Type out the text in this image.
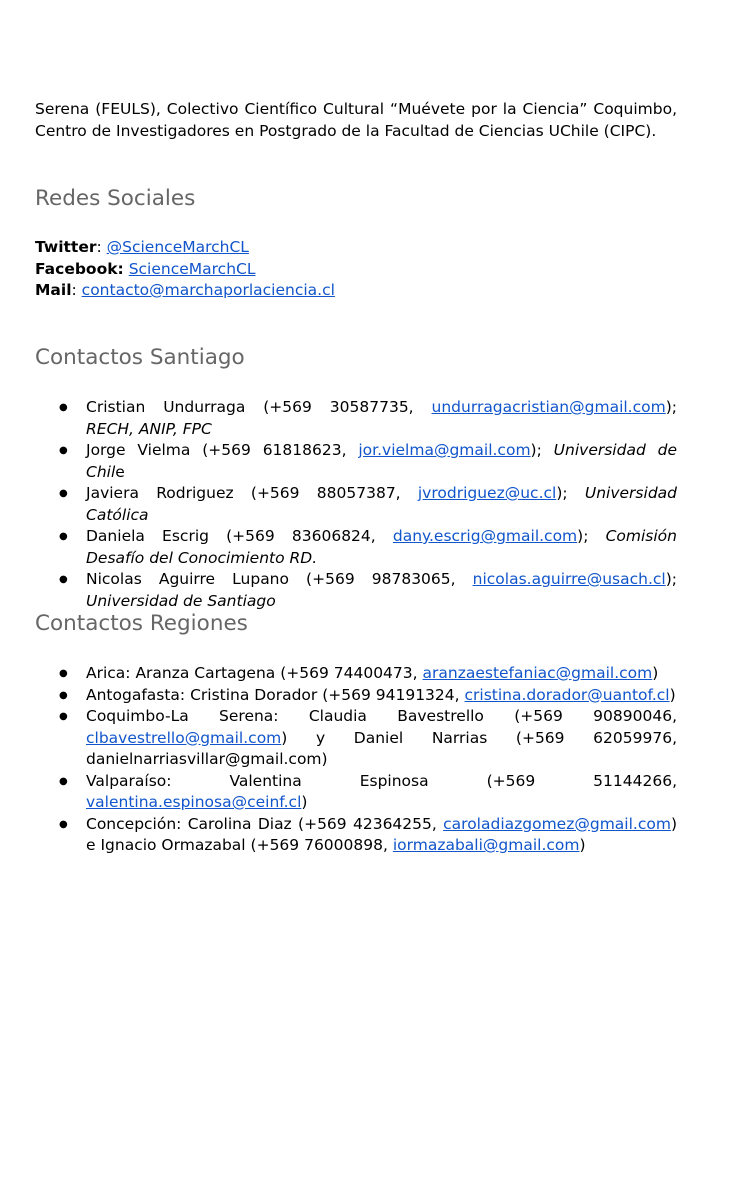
Serena (FEULS), Colectivo Científico Cultural “Muévete por la Ciencia” Coquimbo, Centro de Investigadores en Postgrado de la Facultad de Ciencias UChile (CIPC).

Redes Sociales
Twitter: @ScienceMarchCL
Facebook: ScienceMarchCL
Mail: contacto@marchaporlaciencia.cl
Contactos Santiago
● Cristian Undurraga (+569 30587735, undurragacristian@gmail.com); RECH, ANIP, FPC
● Jorge Vielma (+569 61818623, jor.vielma@gmail.com); Universidad de Chile
● Javiera Rodriguez (+569 88057387, jvrodriguez@uc.cl); Universidad Católica
● Daniela Escrig (+569 83606824, dany.escrig@gmail.com); Comisión Desafío del Conocimiento RD.
● Nicolas Aguirre Lupano (+569 98783065, nicolas.aguirre@usach.cl); Universidad de Santiago
Contactos Regiones
● Arica: Aranza Cartagena (+569 74400473, aranzaestefaniac@gmail.com)
● Antogafasta: Cristina Dorador (+569 94191324, cristina.dorador@uantof.cl)
● Coquimbo-La Serena: Claudia Bavestrello (+569 90890046, clbavestrello@gmail.com) y Daniel Narrias (+569 62059976, danielnarriasvillar@gmail.com)
● Valparaíso: Valentina Espinosa (+569 51144266, valentina.espinosa@ceinf.cl)
● Concepción: Carolina Diaz (+569 42364255, caroladiazgomez@gmail.com) e Ignacio Ormazabal (+569 76000898, iormazabali@gmail.com)
